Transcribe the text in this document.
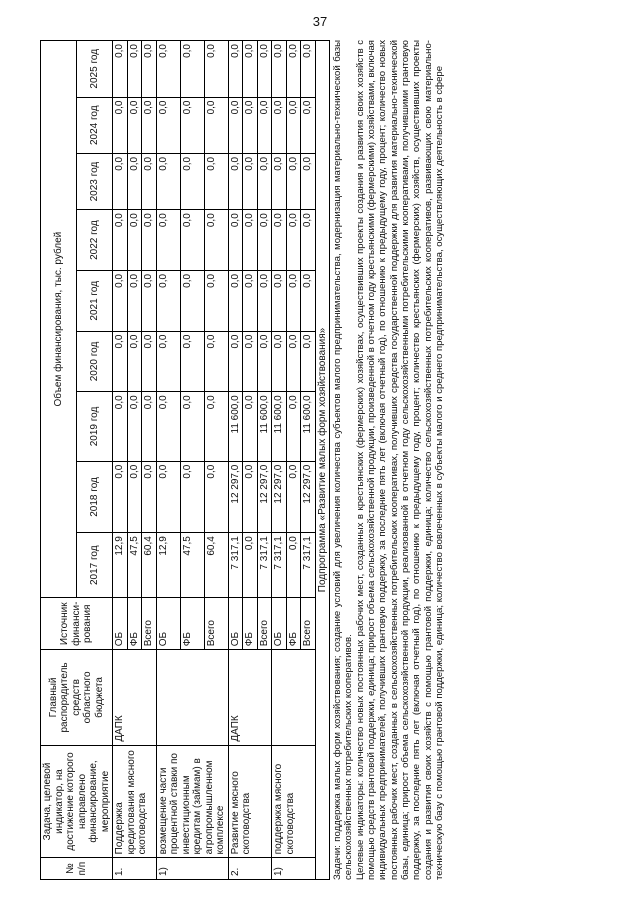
37
№ п/п	Задача, целевой индикатор, на достижение которого направлено финансирование, мероприятие	Главный распорядитель средств областного бюджета	Источник финанси-рования	Объем финансирования, тыс. рублей								
				2017 год	2018 год	2019 год	2020 год	2021 год	2022 год	2023 год	2024 год	2025 год
1.	Поддержка кредитования мясного скотоводства	ДАПК	ОБ	12,9	0,0	0,0	0,0	0,0	0,0	0,0	0,0	0,0
			ФБ	47,5	0,0	0,0	0,0	0,0	0,0	0,0	0,0	0,0
			Всего	60,4	0,0	0,0	0,0	0,0	0,0	0,0	0,0	0,0
1)	возмещение части процентной ставки по инвестиционным кредитам (займам) в агропромышленном комплексе		ОБ	12,9	0,0	0,0	0,0	0,0	0,0	0,0	0,0	0,0
			ФБ	47,5	0,0	0,0	0,0	0,0	0,0	0,0	0,0	0,0
			Всего	60,4	0,0	0,0	0,0	0,0	0,0	0,0	0,0	0,0
2.	Развитие мясного скотоводства	ДАПК	ОБ	7 317,1	12 297,0	11 600,0	0,0	0,0	0,0	0,0	0,0	0,0
			ФБ	0,0	0,0	0,0	0,0	0,0	0,0	0,0	0,0	0,0
			Всего	7 317,1	12 297,0	11 600,0	0,0	0,0	0,0	0,0	0,0	0,0
1)	поддержка мясного скотоводства		ОБ	7 317,1	12 297,0	11 600,0	0,0	0,0	0,0	0,0	0,0	0,0
			ФБ	0,0	0,0	0,0	0,0	0,0	0,0	0,0	0,0	0,0
			Всего	7 317,1	12 297,0	11 600,0	0,0	0,0	0,0	0,0	0,0	0,0
Подпрограмма «Развитие малых форм хозяйствования»												Задачи: поддержка малых форм хозяйствования; создание условий для увеличения количества субъектов малого предпринимательства, модернизация материально-технической базы сельскохозяйственных потребительских кооперативов. Целевые индикаторы: количество новых постоянных рабочих мест, созданных в крестьянских (фермерских) хозяйствах, осуществивших проекты создания и развития своих хозяйств с помощью средств грантовой поддержки, единица; прирост объема сельскохозяйственной продукции, произведенной в отчетном году крестьянскими (фермерскими) хозяйствами, включая индивидуальных предпринимателей, получивших грантовую поддержку, за последние пять лет (включая отчетный год), по отношению к предыдущему году, процент; количество новых постоянных рабочих мест, созданных в сельскохозяйственных потребительских кооперативах, получивших средства государственной поддержки для развития материально-технической базы, единица; прирост объема сельскохозяйственной продукции, реализованной в отчетном году сельскохозяйственными потребительскими кооперативами, получившими грантовую поддержку, за последние пять лет (включая отчетный год), по отношению к предыдущему году, процент; количество крестьянских (фермерских) хозяйств, осуществивших проекты создания и развития своих хозяйств с помощью грантовой поддержки, единица; количество сельскохозяйственных потребительских кооперативов, развивающих свою материально-техническую базу с помощью грантовой поддержки, единица; количество вовлеченных в субъекты малого и среднего предпринимательства, осуществляющих деятельность в сфере
